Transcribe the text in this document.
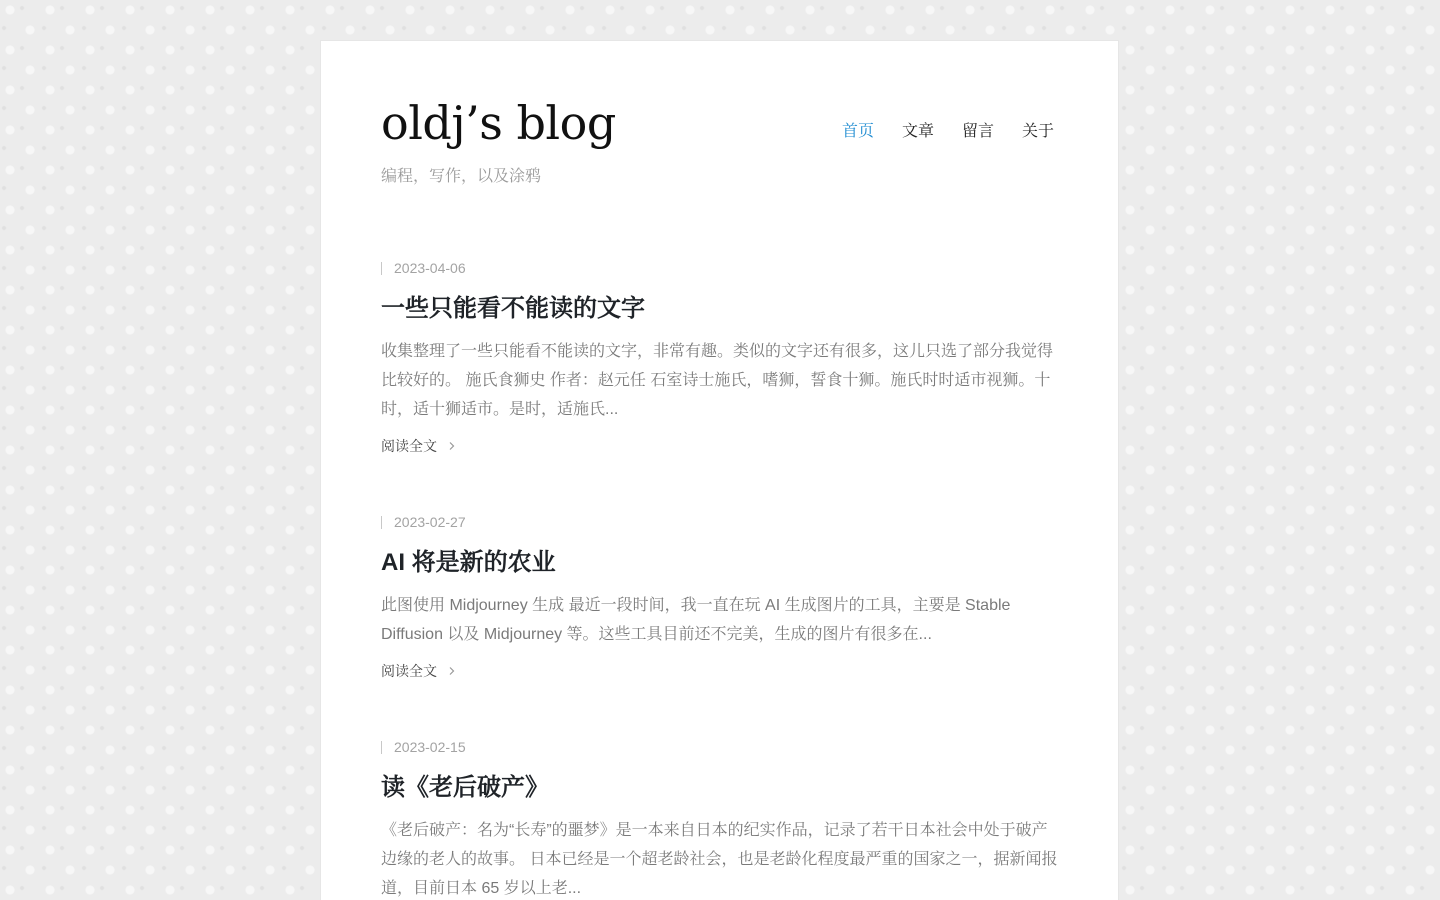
oldj’s blog
编程，写作，以及涂鸦
首页 文章 留言 关于
2023-04-06
一些只能看不能读的文字

收集整理了一些只能看不能读的文字，非常有趣。类似的文字还有很多，这儿只选了部分我觉得比较好的。 施氏食狮史 作者：赵元任 石室诗士施氏，嗜狮，誓食十狮。施氏时时适市视狮。十时，适十狮适市。是时，适施氏...

阅读全文
2023-02-27
AI 将是新的农业

此图使用 Midjourney 生成 最近一段时间，我一直在玩 AI 生成图片的工具，主要是 Stable Diffusion 以及 Midjourney 等。这些工具目前还不完美，生成的图片有很多在...

阅读全文
2023-02-15
读《老后破产》

《老后破产：名为“长寿”的噩梦》是一本来自日本的纪实作品，记录了若干日本社会中处于破产边缘的老人的故事。 日本已经是一个超老龄社会，也是老龄化程度最严重的国家之一，据新闻报道，目前日本 65 岁以上老...
